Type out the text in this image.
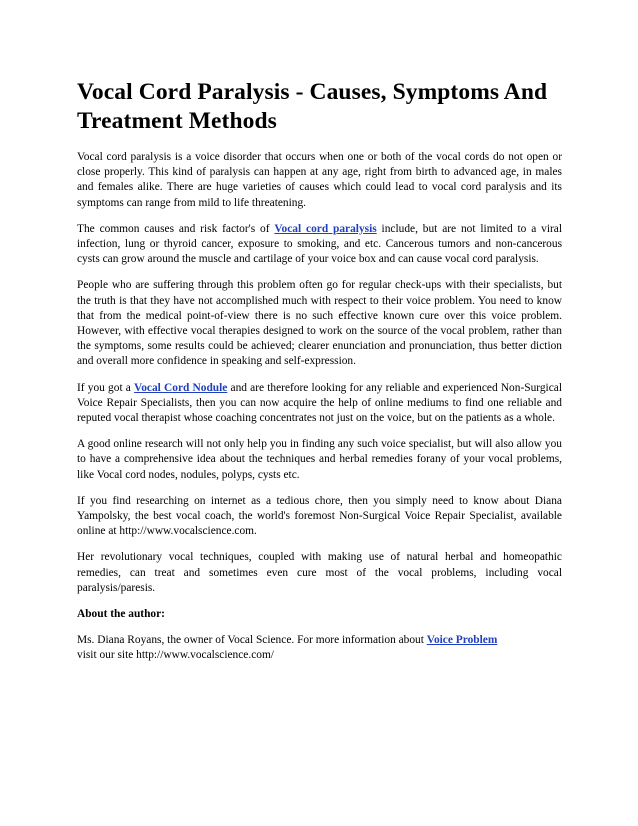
Vocal Cord Paralysis - Causes, Symptoms And Treatment Methods

Vocal cord paralysis is a voice disorder that occurs when one or both of the vocal cords do not open or close properly. This kind of paralysis can happen at any age, right from birth to advanced age, in males and females alike. There are huge varieties of causes which could lead to vocal cord paralysis and its symptoms can range from mild to life threatening.

The common causes and risk factor's of Vocal cord paralysis include, but are not limited to a viral infection, lung or thyroid cancer, exposure to smoking, and etc. Cancerous tumors and non-cancerous cysts can grow around the muscle and cartilage of your voice box and can cause vocal cord paralysis.

People who are suffering through this problem often go for regular check-ups with their specialists, but the truth is that they have not accomplished much with respect to their voice problem. You need to know that from the medical point-of-view there is no such effective known cure over this voice problem. However, with effective vocal therapies designed to work on the source of the vocal problem, rather than the symptoms, some results could be achieved; clearer enunciation and pronunciation, thus better diction and overall more confidence in speaking and self-expression.

If you got a Vocal Cord Nodule and are therefore looking for any reliable and experienced Non-Surgical Voice Repair Specialists, then you can now acquire the help of online mediums to find one reliable and reputed vocal therapist whose coaching concentrates not just on the voice, but on the patients as a whole.

A good online research will not only help you in finding any such voice specialist, but will also allow you to have a comprehensive idea about the techniques and herbal remedies forany of your vocal problems, like Vocal cord nodes, nodules, polyps, cysts etc.

If you find researching on internet as a tedious chore, then you simply need to know about Diana Yampolsky, the best vocal coach, the world's foremost Non-Surgical Voice Repair Specialist, available online at http://www.vocalscience.com.

Her revolutionary vocal techniques, coupled with making use of natural herbal and homeopathic remedies, can treat and sometimes even cure most of the vocal problems, including vocal paralysis/paresis.

About the author:

Ms. Diana Royans, the owner of Vocal Science. For more information about Voice Problem
visit our site http://www.vocalscience.com/
